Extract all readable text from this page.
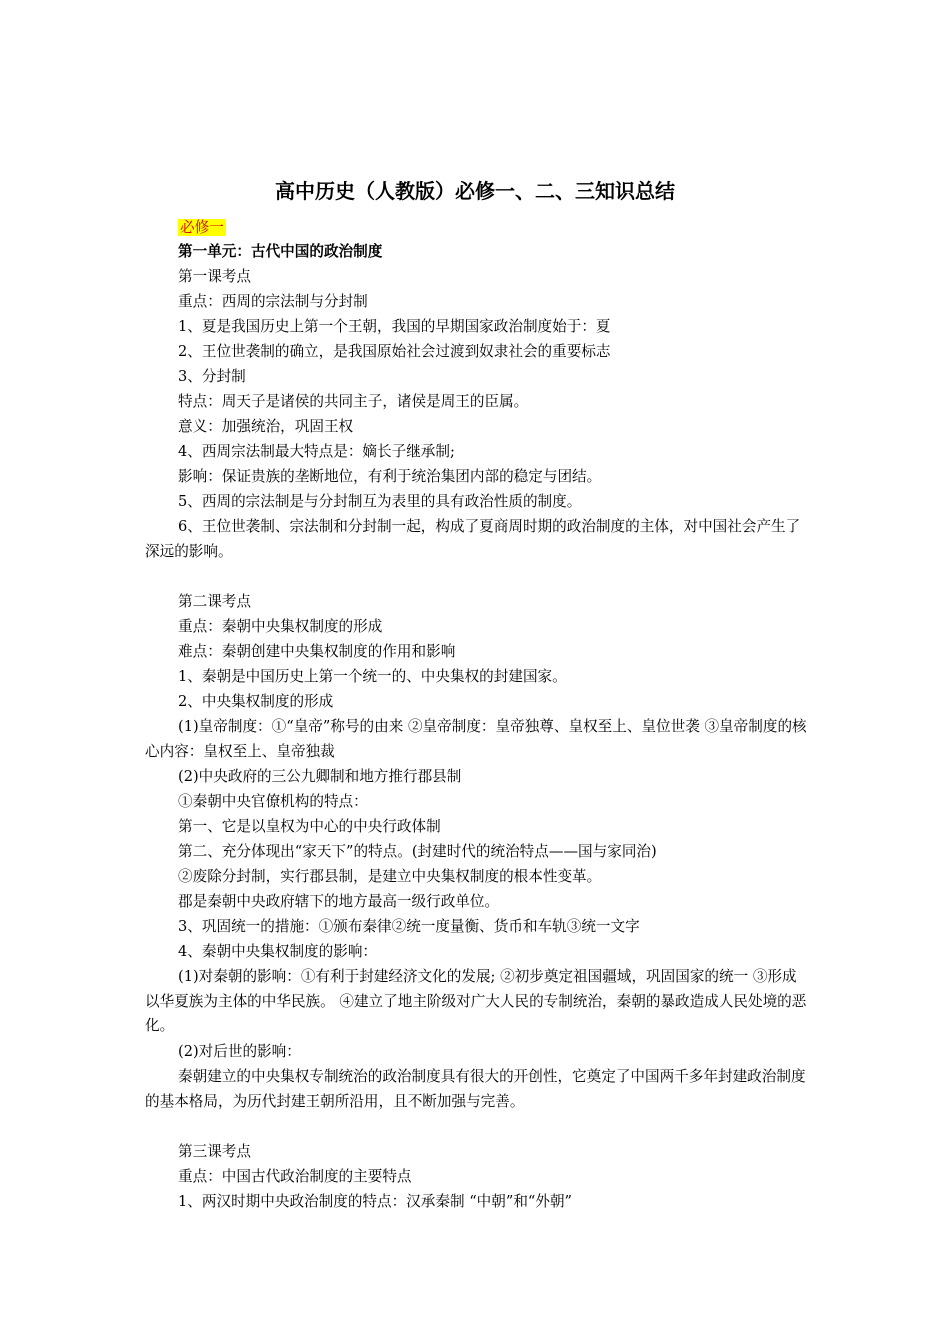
高中历史（人教版）必修一、二、三知识总结
必修一
第一单元：古代中国的政治制度
第一课考点
重点：西周的宗法制与分封制
1、夏是我国历史上第一个王朝，我国的早期国家政治制度始于：夏
2、王位世袭制的确立，是我国原始社会过渡到奴隶社会的重要标志
3、分封制
特点：周天子是诸侯的共同主子，诸侯是周王的臣属。
意义：加强统治，巩固王权
4、西周宗法制最大特点是：嫡长子继承制;
影响：保证贵族的垄断地位，有利于统治集团内部的稳定与团结。
5、西周的宗法制是与分封制互为表里的具有政治性质的制度。
6、王位世袭制、宗法制和分封制一起，构成了夏商周时期的政治制度的主体，对中国社会产生了深远的影响。
第二课考点
重点：秦朝中央集权制度的形成
难点：秦朝创建中央集权制度的作用和影响
1、秦朝是中国历史上第一个统一的、中央集权的封建国家。
2、中央集权制度的形成
(1)皇帝制度：①“皇帝”称号的由来 ②皇帝制度：皇帝独尊、皇权至上、皇位世袭 ③皇帝制度的核心内容：皇权至上、皇帝独裁
(2)中央政府的三公九卿制和地方推行郡县制
①秦朝中央官僚机构的特点：
第一、它是以皇权为中心的中央行政体制
第二、充分体现出“家天下”的特点。(封建时代的统治特点——国与家同治)
②废除分封制，实行郡县制，是建立中央集权制度的根本性变革。
郡是秦朝中央政府辖下的地方最高一级行政单位。
3、巩固统一的措施：①颁布秦律②统一度量衡、货币和车轨③统一文字
4、秦朝中央集权制度的影响：
(1)对秦朝的影响：①有利于封建经济文化的发展; ②初步奠定祖国疆域，巩固国家的统一 ③形成以华夏族为主体的中华民族。 ④建立了地主阶级对广大人民的专制统治，秦朝的暴政造成人民处境的恶化。
(2)对后世的影响：
秦朝建立的中央集权专制统治的政治制度具有很大的开创性，它奠定了中国两千多年封建政治制度的基本格局，为历代封建王朝所沿用，且不断加强与完善。
第三课考点
重点：中国古代政治制度的主要特点
1、两汉时期中央政治制度的特点：汉承秦制 “中朝”和“外朝”
